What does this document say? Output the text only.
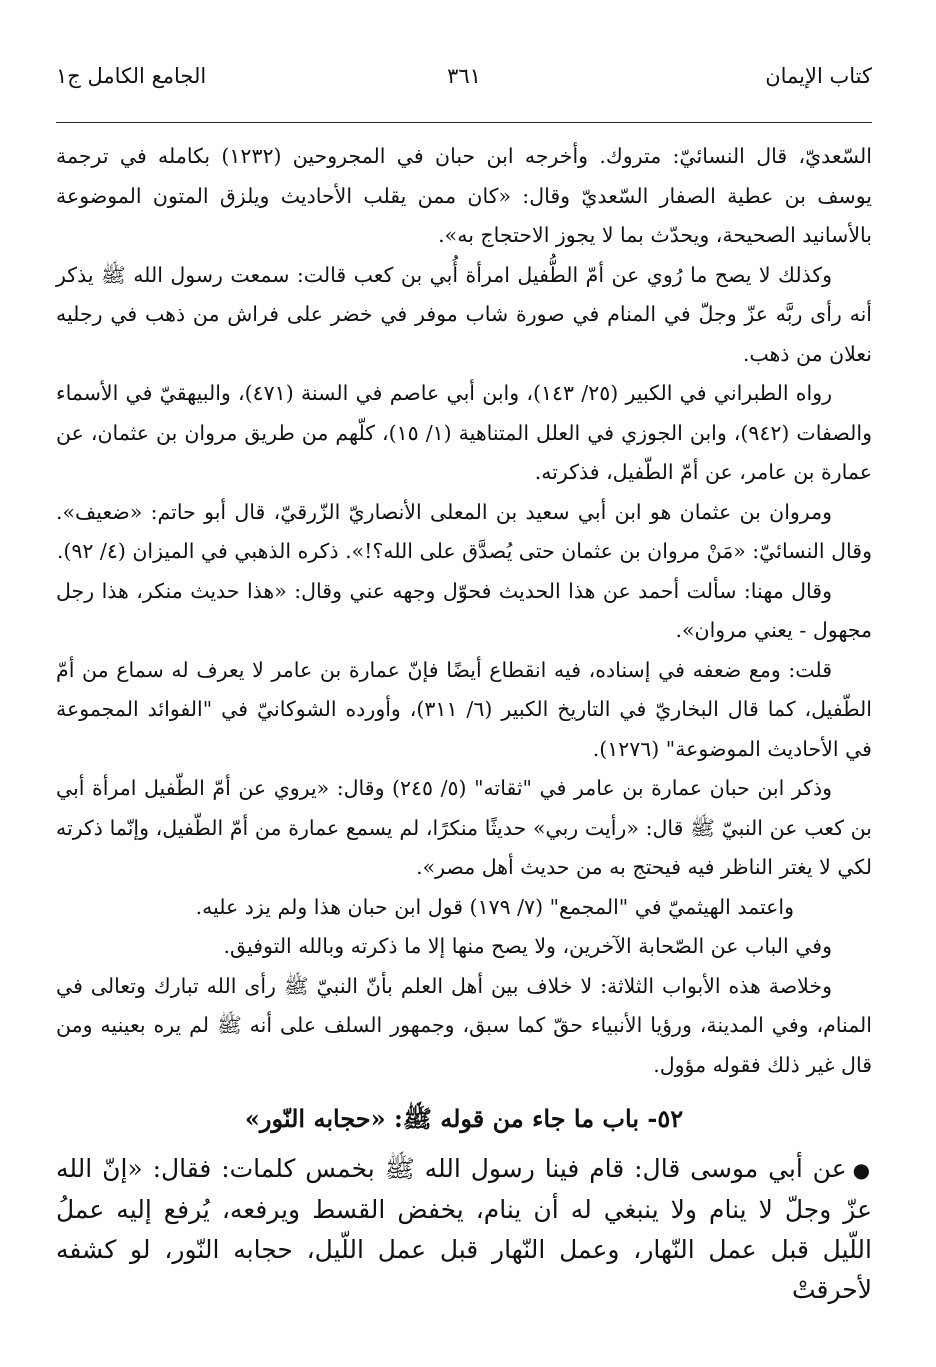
كتاب الإيمان
٣٦١
الجامع الكامل ج١

السّعديّ، قال النسائيّ: متروك. وأخرجه ابن حبان في المجروحين (١٢٣٢) بكامله في ترجمة يوسف بن عطية الصفار السّعديّ وقال: «كان ممن يقلب الأحاديث ويلزق المتون الموضوعة بالأسانيد الصحيحة، ويحدّث بما لا يجوز الاحتجاج به».

وكذلك لا يصح ما رُوي عن أمّ الطُّفيل امرأة أُبي بن كعب قالت: سمعت رسول الله ﷺ يذكر أنه رأى ربَّه عزّ وجلّ في المنام في صورة شاب موفر في خضر على فراش من ذهب في رجليه نعلان من ذهب.

رواه الطبراني في الكبير (٢٥/ ١٤٣)، وابن أبي عاصم في السنة (٤٧١)، والبيهقيّ في الأسماء والصفات (٩٤٢)، وابن الجوزي في العلل المتناهية (١/ ١٥)، كلّهم من طريق مروان بن عثمان، عن عمارة بن عامر، عن أمّ الطّفيل، فذكرته.

ومروان بن عثمان هو ابن أبي سعيد بن المعلى الأنصاريّ الزّرقيّ، قال أبو حاتم: «ضعيف». وقال النسائيّ: «مَنْ مروان بن عثمان حتى يُصدَّق على الله؟!». ذكره الذهبي في الميزان (٤/ ٩٢).

وقال مهنا: سألت أحمد عن هذا الحديث فحوّل وجهه عني وقال: «هذا حديث منكر، هذا رجل مجهول - يعني مروان».

قلت: ومع ضعفه في إسناده، فيه انقطاع أيضًا فإنّ عمارة بن عامر لا يعرف له سماع من أمّ الطّفيل، كما قال البخاريّ في التاريخ الكبير (٦/ ٣١١)، وأورده الشوكانيّ في "الفوائد المجموعة في الأحاديث الموضوعة" (١٢٧٦).

وذكر ابن حبان عمارة بن عامر في "ثقاته" (٥/ ٢٤٥) وقال: «يروي عن أمّ الطّفيل امرأة أبي بن كعب عن النبيّ ﷺ قال: «رأيت ربي» حديثًا منكرًا، لم يسمع عمارة من أمّ الطّفيل، وإنّما ذكرته لكي لا يغتر الناظر فيه فيحتج به من حديث أهل مصر».

واعتمد الهيثميّ في "المجمع" (٧/ ١٧٩) قول ابن حبان هذا ولم يزد عليه.

وفي الباب عن الصّحابة الآخرين، ولا يصح منها إلا ما ذكرته وبالله التوفيق.

وخلاصة هذه الأبواب الثلاثة: لا خلاف بين أهل العلم بأنّ النبيّ ﷺ رأى الله تبارك وتعالى في المنام، وفي المدينة، ورؤيا الأنبياء حقّ كما سبق، وجمهور السلف على أنه ﷺ لم يره بعينيه ومن قال غير ذلك فقوله مؤول.

٥٢- باب ما جاء من قوله ﷺ: «حجابه النّور»

●عن أبي موسى قال: قام فينا رسول الله ﷺ بخمس كلمات: فقال: «إنّ الله عزّ وجلّ لا ينام ولا ينبغي له أن ينام، يخفض القسط ويرفعه، يُرفع إليه عملُ اللّيل قبل عمل النّهار، وعمل النّهار قبل عمل اللّيل، حجابه النّور، لو كشفه لأحرقتْ
